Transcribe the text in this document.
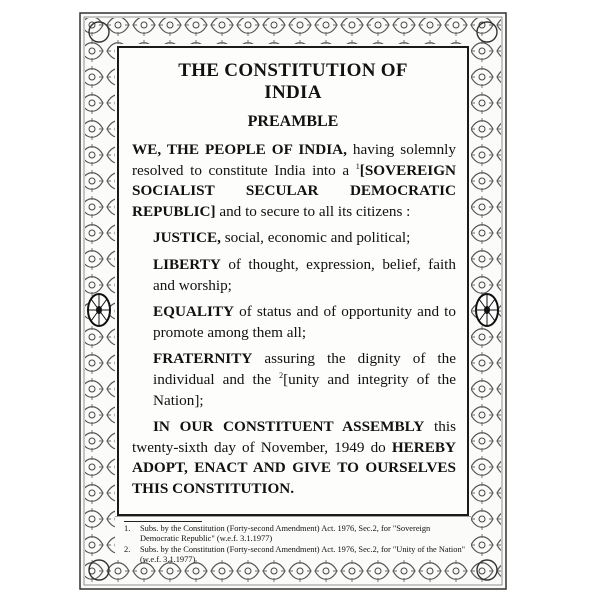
THE CONSTITUTION OF
INDIA
PREAMBLE

WE, THE PEOPLE OF INDIA, having solemnly resolved to constitute India into a $^1$[SOVEREIGN SOCIALIST SECULAR DEMOCRATIC REPUBLIC] and to secure to all its citizens :

JUSTICE, social, economic and political;

LIBERTY of thought, expression, belief, faith and worship;

EQUALITY of status and of opportunity and to promote among them all;

FRATERNITY assuring the dignity of the individual and the $^2$[unity and integrity of the Nation];

IN OUR CONSTITUENT ASSEMBLY this twenty-sixth day of November, 1949 do HEREBY ADOPT, ENACT AND GIVE TO OURSELVES THIS CONSTITUTION.

1.	Subs. by the Constitution (Forty-second Amendment) Act. 1976, Sec.2, for "Sovereign Democratic Republic" (w.e.f. 3.1.1977)
2.	Subs. by the Constitution (Forty-second Amendment) Act. 1976, Sec.2, for "Unity of the Nation" (w.e.f. 3.1.1977)
